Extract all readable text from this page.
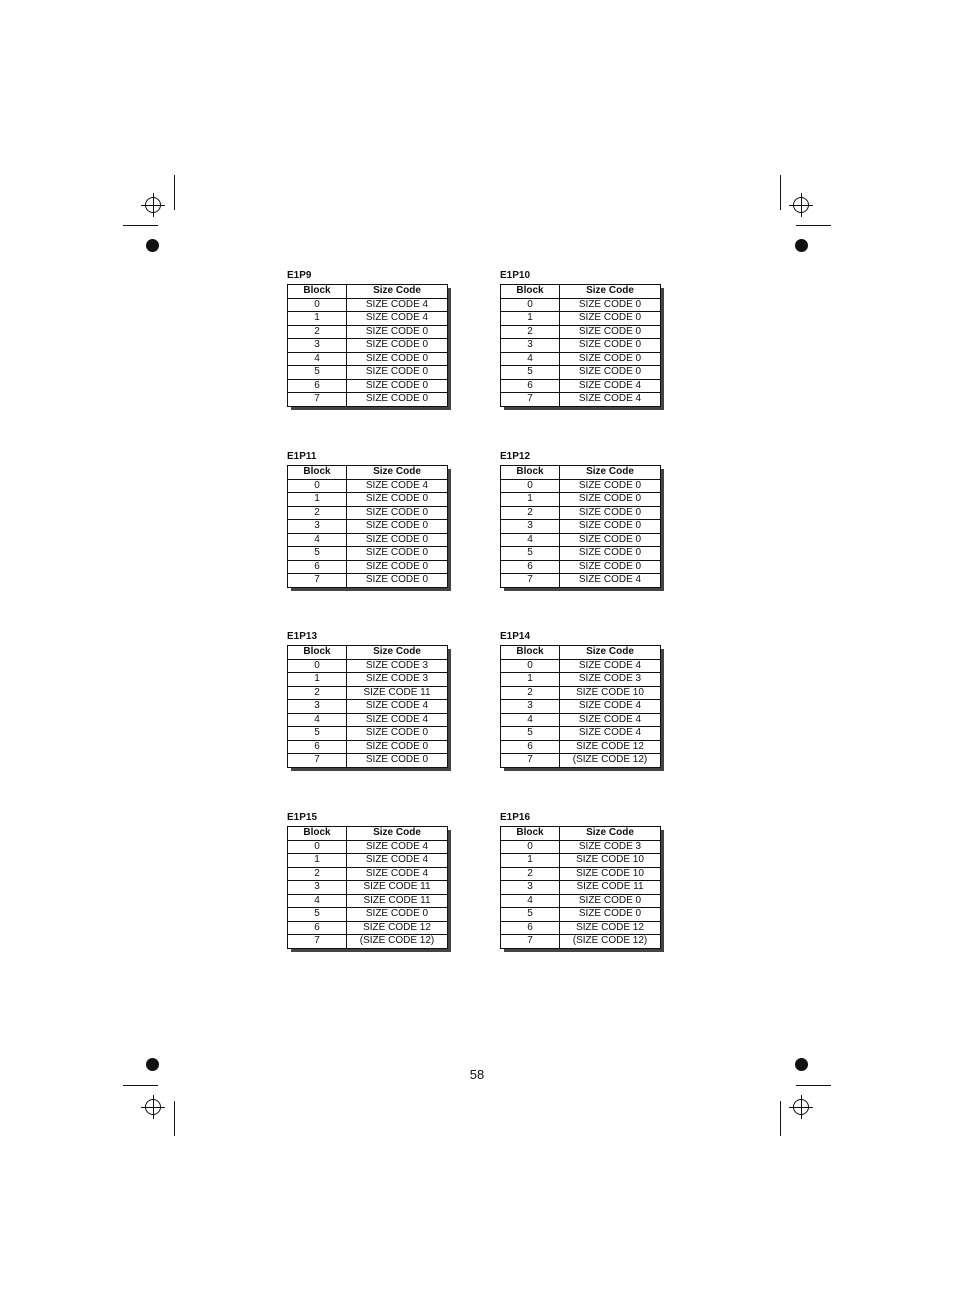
E1P9
Block	Size Code
0	SIZE CODE 4
1	SIZE CODE 4
2	SIZE CODE 0
3	SIZE CODE 0
4	SIZE CODE 0
5	SIZE CODE 0
6	SIZE CODE 0
7	SIZE CODE 0
E1P10
Block	Size Code
0	SIZE CODE 0
1	SIZE CODE 0
2	SIZE CODE 0
3	SIZE CODE 0
4	SIZE CODE 0
5	SIZE CODE 0
6	SIZE CODE 4
7	SIZE CODE 4
E1P11
Block	Size Code
0	SIZE CODE 4
1	SIZE CODE 0
2	SIZE CODE 0
3	SIZE CODE 0
4	SIZE CODE 0
5	SIZE CODE 0
6	SIZE CODE 0
7	SIZE CODE 0
E1P12
Block	Size Code
0	SIZE CODE 0
1	SIZE CODE 0
2	SIZE CODE 0
3	SIZE CODE 0
4	SIZE CODE 0
5	SIZE CODE 0
6	SIZE CODE 0
7	SIZE CODE 4
E1P13
Block	Size Code
0	SIZE CODE 3
1	SIZE CODE 3
2	SIZE CODE 11
3	SIZE CODE 4
4	SIZE CODE 4
5	SIZE CODE 0
6	SIZE CODE 0
7	SIZE CODE 0
E1P14
Block	Size Code
0	SIZE CODE 4
1	SIZE CODE 3
2	SIZE CODE 10
3	SIZE CODE 4
4	SIZE CODE 4
5	SIZE CODE 4
6	SIZE CODE 12
7	(SIZE CODE 12)
E1P15
Block	Size Code
0	SIZE CODE 4
1	SIZE CODE 4
2	SIZE CODE 4
3	SIZE CODE 11
4	SIZE CODE 11
5	SIZE CODE 0
6	SIZE CODE 12
7	(SIZE CODE 12)
E1P16
Block	Size Code
0	SIZE CODE 3
1	SIZE CODE 10
2	SIZE CODE 10
3	SIZE CODE 11
4	SIZE CODE 0
5	SIZE CODE 0
6	SIZE CODE 12
7	(SIZE CODE 12)
58
